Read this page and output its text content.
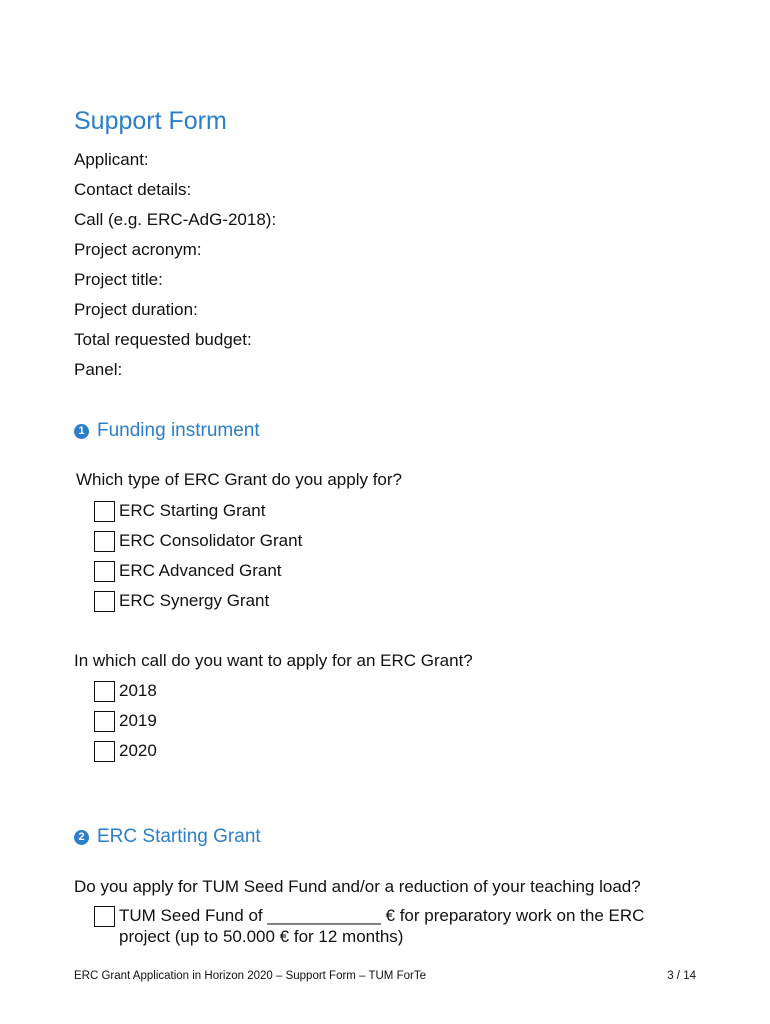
Support Form
Applicant:
Contact details:
Call (e.g. ERC-AdG-2018):
Project acronym:
Project title:
Project duration:
Total requested budget:
Panel:
1 Funding instrument
Which type of ERC Grant do you apply for?
ERC Starting Grant
ERC Consolidator Grant
ERC Advanced Grant
ERC Synergy Grant
In which call do you want to apply for an ERC Grant?
2018
2019
2020
2 ERC Starting Grant
Do you apply for TUM Seed Fund and/or a reduction of your teaching load?
TUM Seed Fund of ____________ € for preparatory work on the ERC
project (up to 50.000 € for 12 months)
ERC Grant Application in Horizon 2020 – Support Form – TUM ForTe	3 / 14
